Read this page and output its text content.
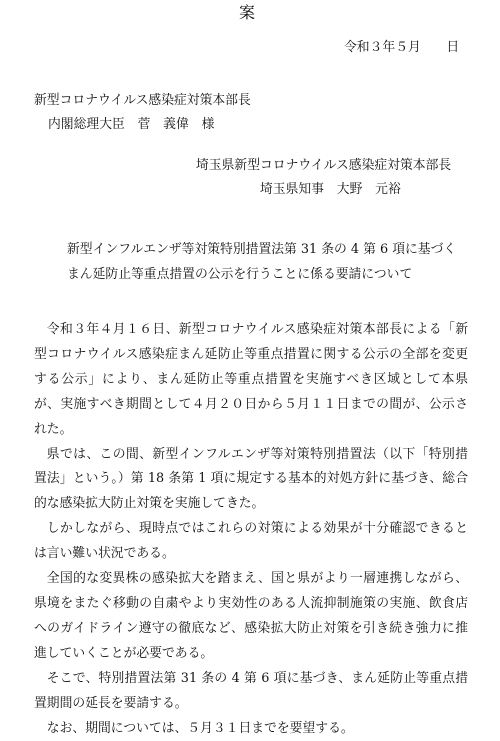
案
令和３年５月　　日
新型コロナウイルス感染症対策本部長
内閣総理大臣　菅　義偉　様
埼玉県新型コロナウイルス感染症対策本部長
埼玉県知事　大野　元裕
新型インフルエンザ等対策特別措置法第 31 条の 4 第 6 項に基づく
まん延防止等重点措置の公示を行うことに係る要請について

令和３年４月１６日、新型コロナウイルス感染症対策本部長による「新型コロナウイルス感染症まん延防止等重点措置に関する公示の全部を変更する公示」により、まん延防止等重点措置を実施すべき区域として本県が、実施すべき期間として４月２０日から５月１１日までの間が、公示された。

県では、この間、新型インフルエンザ等対策特別措置法（以下「特別措置法」という。）第 18 条第 1 項に規定する基本的対処方針に基づき、総合的な感染拡大防止対策を実施してきた。

しかしながら、現時点ではこれらの対策による効果が十分確認できるとは言い難い状況である。

全国的な変異株の感染拡大を踏まえ、国と県がより一層連携しながら、県境をまたぐ移動の自粛やより実効性のある人流抑制施策の実施、飲食店へのガイドライン遵守の徹底など、感染拡大防止対策を引き続き強力に推進していくことが必要である。

そこで、特別措置法第 31 条の 4 第 6 項に基づき、まん延防止等重点措置期間の延長を要請する。

なお、期間については、５月３１日までを要望する。
